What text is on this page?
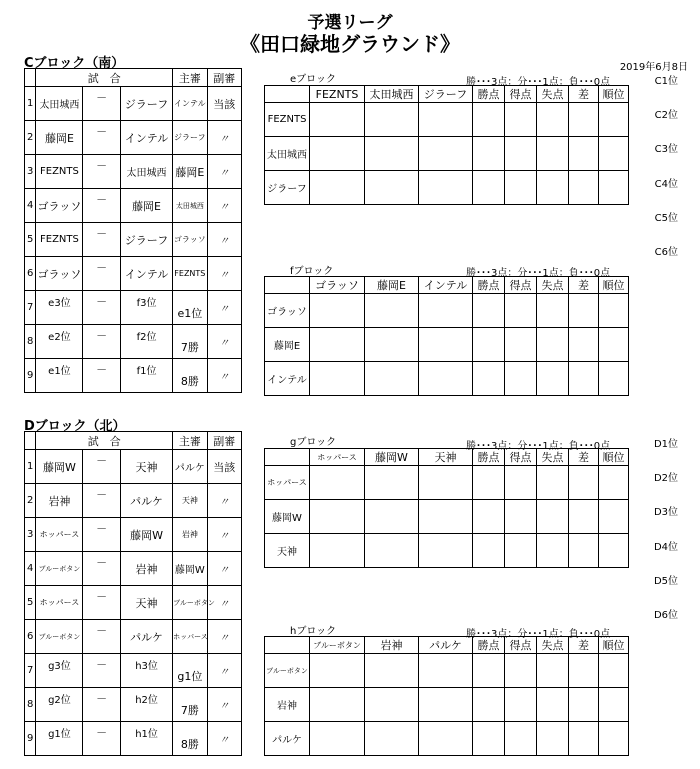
予選リーグ
《田口緑地グラウンド》
2019年6月8日
Cブロック（南）
	試　合			主審	副審
1	太田城西	－	ジラーフ	インテル	当該
2	藤岡E	－	インテル	ジラーフ	〃
3	FEZNTS	－	太田城西	藤岡E	〃
4	ゴラッソ	－	藤岡E	太田城西	〃
5	FEZNTS	－	ジラーフ	ゴラッソ	〃
6	ゴラッソ	－	インテル	FEZNTS	〃
7	e3位	－	f3位	e1位	〃
8	e2位	－	f2位	7勝	〃
9	e1位	－	f1位	8勝	〃
eブロック	勝･･･3点：分･･･1点：負･･･0点
	FEZNTS	太田城西	ジラーフ	勝点	得点	失点	差	順位
FEZNTS								
太田城西								
ジラーフ								
fブロック	勝･･･3点：分･･･1点：負･･･0点
	ゴラッソ	藤岡E	インテル	勝点	得点	失点	差	順位
ゴラッソ								
藤岡E								
インテル								
C1位
C2位
C3位
C4位
C5位
C6位
Dブロック（北）
	試　合			主審	副審
1	藤岡W	－	天神	パルケ	当該
2	岩神	－	パルケ	天神	〃
3	ホッパース	－	藤岡W	岩神	〃
4	ブルーボタン	－	岩神	藤岡W	〃
5	ホッパース	－	天神	ブルーボタン	〃
6	ブルーボタン	－	パルケ	ホッパース	〃
7	g3位	－	h3位	g1位	〃
8	g2位	－	h2位	7勝	〃
9	g1位	－	h1位	8勝	〃
gブロック	勝･･･3点：分･･･1点：負･･･0点
	ホッパース	藤岡W	天神	勝点	得点	失点	差	順位
ホッパース								
藤岡W								
天神								
hブロック	勝･･･3点：分･･･1点：負･･･0点
	ブルーボタン	岩神	パルケ	勝点	得点	失点	差	順位
ブルーボタン								
岩神								
パルケ								
D1位
D2位
D3位
D4位
D5位
D6位
